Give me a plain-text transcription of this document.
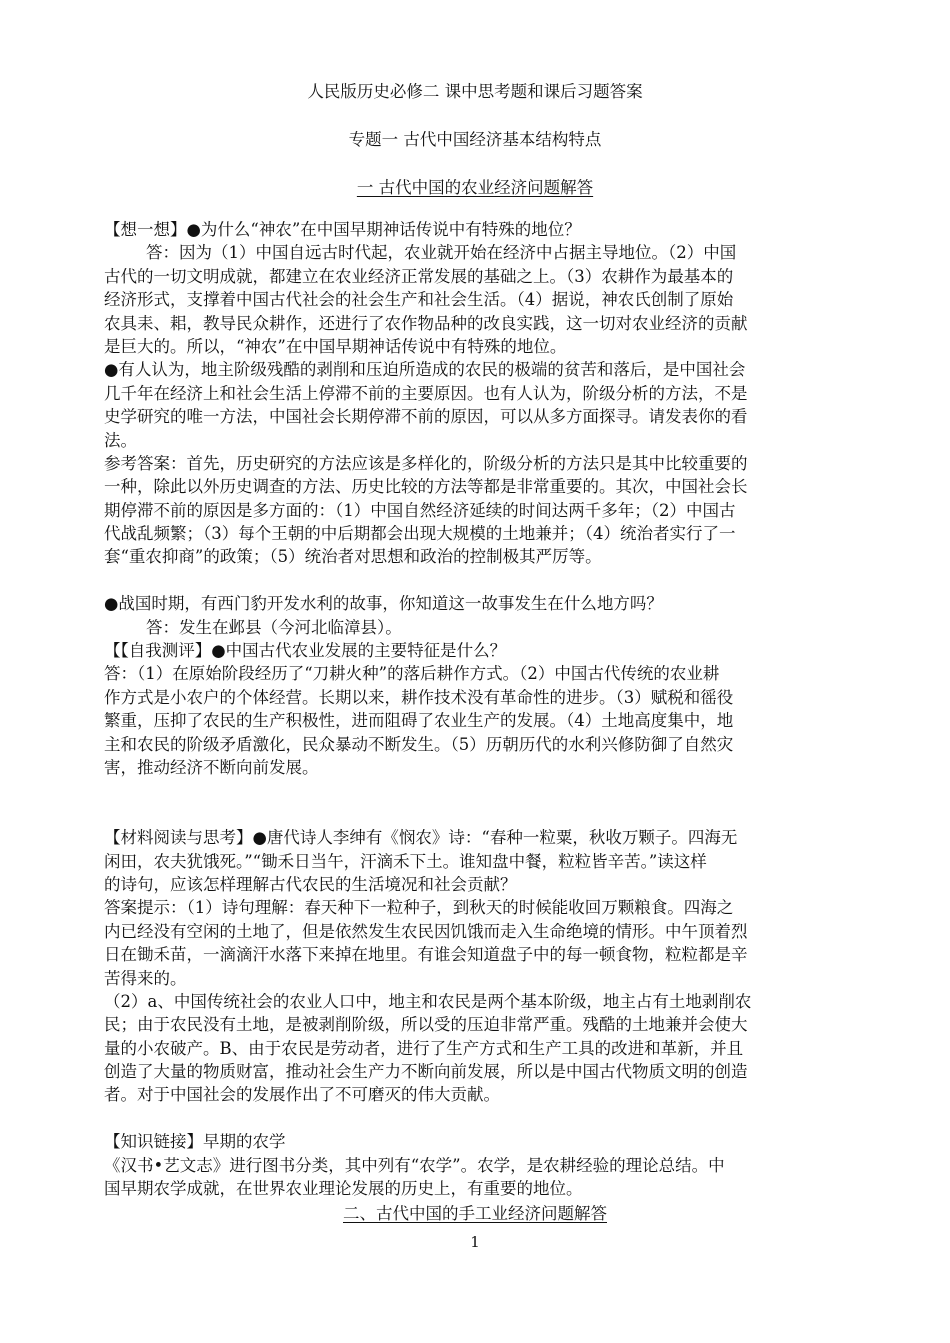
人民版历史必修二 课中思考题和课后习题答案
专题一 古代中国经济基本结构特点
一 古代中国的农业经济问题解答
【想一想】●为什么“神农”在中国早期神话传说中有特殊的地位？
答：因为（1）中国自远古时代起，农业就开始在经济中占据主导地位。（2）中国
古代的一切文明成就，都建立在农业经济正常发展的基础之上。（3）农耕作为最基本的
经济形式，支撑着中国古代社会的社会生产和社会生活。（4）据说，神农氏创制了原始
农具耒、耜，教导民众耕作，还进行了农作物品种的改良实践，这一切对农业经济的贡献
是巨大的。所以，“神农”在中国早期神话传说中有特殊的地位。
●有人认为，地主阶级残酷的剥削和压迫所造成的农民的极端的贫苦和落后，是中国社会
几千年在经济上和社会生活上停滞不前的主要原因。也有人认为，阶级分析的方法，不是
史学研究的唯一方法，中国社会长期停滞不前的原因，可以从多方面探寻。请发表你的看
法。
参考答案：首先，历史研究的方法应该是多样化的，阶级分析的方法只是其中比较重要的
一种，除此以外历史调查的方法、历史比较的方法等都是非常重要的。其次，中国社会长
期停滞不前的原因是多方面的：（1）中国自然经济延续的时间达两千多年；（2）中国古
代战乱频繁；（3）每个王朝的中后期都会出现大规模的土地兼并；（4）统治者实行了一
套“重农抑商”的政策；（5）统治者对思想和政治的控制极其严厉等。
●战国时期，有西门豹开发水利的故事，你知道这一故事发生在什么地方吗？
答：发生在邺县（今河北临漳县）。
【【自我测评】●中国古代农业发展的主要特征是什么？
答：（1）在原始阶段经历了“刀耕火种”的落后耕作方式。（2）中国古代传统的农业耕
作方式是小农户的个体经营。长期以来，耕作技术没有革命性的进步。（3）赋税和徭役
繁重，压抑了农民的生产积极性，进而阻碍了农业生产的发展。（4）土地高度集中，地
主和农民的阶级矛盾激化，民众暴动不断发生。（5）历朝历代的水利兴修防御了自然灾
害，推动经济不断向前发展。
【材料阅读与思考】●唐代诗人李绅有《悯农》诗：“春种一粒粟，秋收万颗子。四海无
闲田，农夫犹饿死。”“锄禾日当午，汗滴禾下土。谁知盘中餐，粒粒皆辛苦。”读这样
的诗句，应该怎样理解古代农民的生活境况和社会贡献？
答案提示：（1）诗句理解：春天种下一粒种子，到秋天的时候能收回万颗粮食。四海之
内已经没有空闲的土地了，但是依然发生农民因饥饿而走入生命绝境的情形。中午顶着烈
日在锄禾苗，一滴滴汗水落下来掉在地里。有谁会知道盘子中的每一顿食物，粒粒都是辛
苦得来的。
（2）a、中国传统社会的农业人口中，地主和农民是两个基本阶级，地主占有土地剥削农
民；由于农民没有土地，是被剥削阶级，所以受的压迫非常严重。残酷的土地兼并会使大
量的小农破产。B、由于农民是劳动者，进行了生产方式和生产工具的改进和革新，并且
创造了大量的物质财富，推动社会生产力不断向前发展，所以是中国古代物质文明的创造
者。对于中国社会的发展作出了不可磨灭的伟大贡献。
【知识链接】早期的农学
《汉书•艺文志》进行图书分类，其中列有“农学”。农学，是农耕经验的理论总结。中
国早期农学成就，在世界农业理论发展的历史上，有重要的地位。
二、古代中国的手工业经济问题解答
1
